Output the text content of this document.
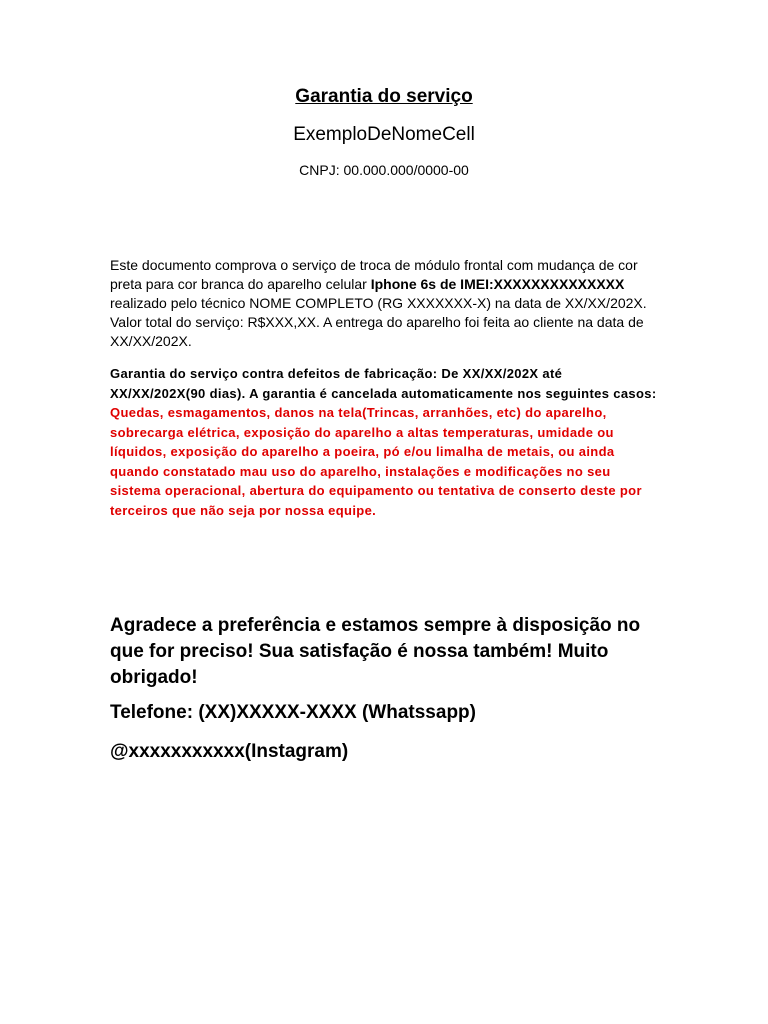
Garantia do serviço
ExemploDeNomeCell
CNPJ: 00.000.000/0000-00
Este documento comprova o serviço de troca de módulo frontal com mudança de cor preta para cor branca do aparelho celular Iphone 6s de IMEI:XXXXXXXXXXXXXX realizado pelo técnico NOME COMPLETO (RG XXXXXXX-X) na data de XX/XX/202X. Valor total do serviço: R$XXX,XX. A entrega do aparelho foi feita ao cliente na data de XX/XX/202X.
Garantia do serviço contra defeitos de fabricação: De XX/XX/202X até XX/XX/202X(90 dias). A garantia é cancelada automaticamente nos seguintes casos: Quedas, esmagamentos, danos na tela(Trincas, arranhões, etc) do aparelho, sobrecarga elétrica, exposição do aparelho a altas temperaturas, umidade ou líquidos, exposição do aparelho a poeira, pó e/ou limalha de metais, ou ainda quando constatado mau uso do aparelho, instalações e modificações no seu sistema operacional, abertura do equipamento ou tentativa de conserto deste por terceiros que não seja por nossa equipe.
Agradece a preferência e estamos sempre à disposição no que for preciso! Sua satisfação é nossa também! Muito obrigado!
Telefone: (XX)XXXXX-XXXX (Whatssapp)
@xxxxxxxxxxx(Instagram)
